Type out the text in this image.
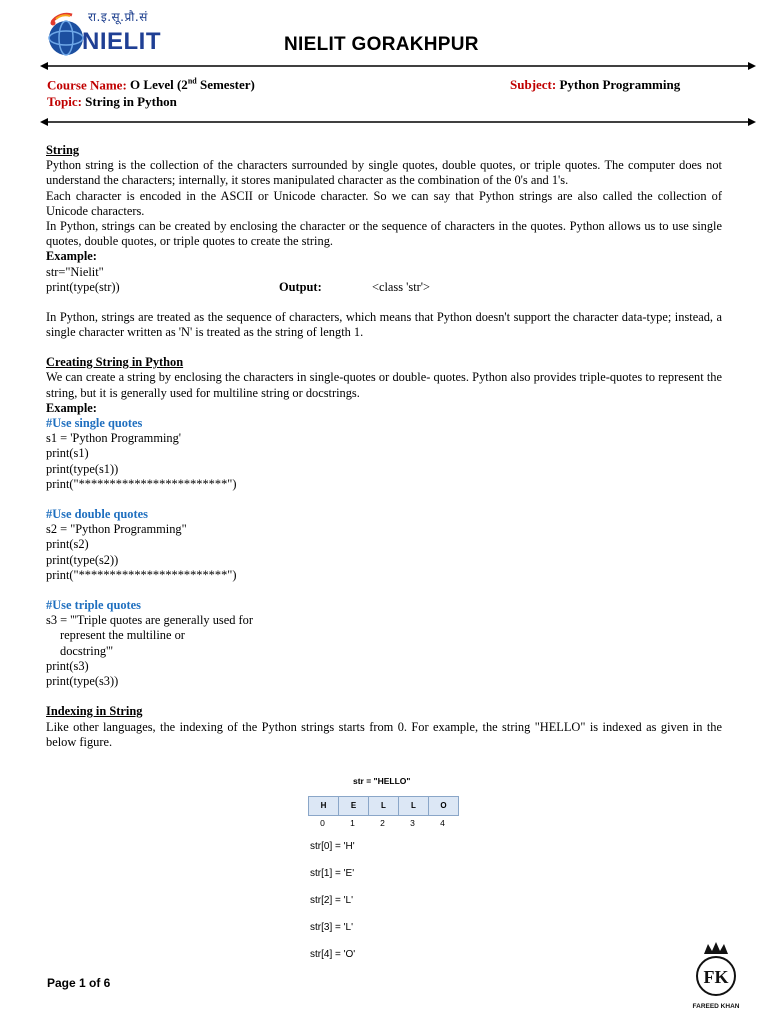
रा.इ.सू.प्रौ.सं
NIELIT	NIELIT GORAKHPUR
Course Name: O Level (2nd Semester)	Subject: Python Programming
Topic: String in Python

String

Python string is the collection of the characters surrounded by single quotes, double quotes, or triple quotes. The computer does not understand the characters; internally, it stores manipulated character as the combination of the 0's and 1's.

Each character is encoded in the ASCII or Unicode character. So we can say that Python strings are also called the collection of Unicode characters.

In Python, strings can be created by enclosing the character or the sequence of characters in the quotes. Python allows us to use single quotes, double quotes, or triple quotes to create the string.

Example:

str="Nielit"

print(type(str))	Output:	<class 'str'>

In Python, strings are treated as the sequence of characters, which means that Python doesn't support the character data-type; instead, a single character written as 'N' is treated as the string of length 1.

Creating String in Python

We can create a string by enclosing the characters in single-quotes or double- quotes. Python also provides triple-quotes to represent the string, but it is generally used for multiline string or docstrings.

Example:

#Use single quotes

s1 = 'Python Programming'

print(s1)

print(type(s1))

print("************************")

#Use double quotes

s2 = "Python Programming"

print(s2)

print(type(s2))

print("************************")

#Use triple quotes

s3 = '''Triple quotes are generally used for

represent the multiline or

docstring'''

print(s3)

print(type(s3))

Indexing in String

Like other languages, the indexing of the Python strings starts from 0. For example, the string "HELLO" is indexed as given in the below figure.

str = "HELLO"
H	E	L	L	O
0	1	2	3	4
str[0] = 'H'
str[1] = 'E'
str[2] = 'L'
str[3] = 'L'
str[4] = 'O'
Page 1 of 6	FK
FAREED KHAN
